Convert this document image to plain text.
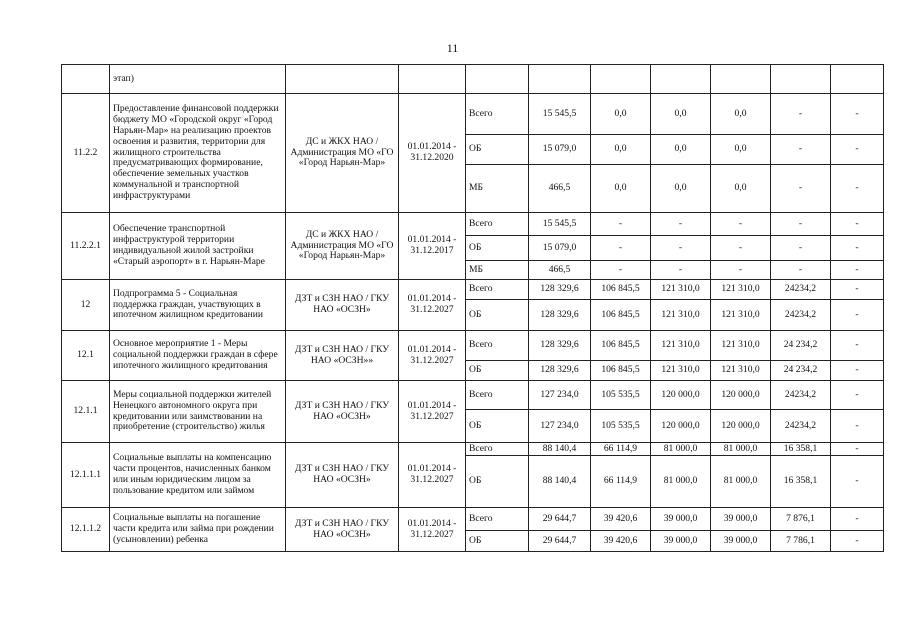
11
	этап)									
11.2.2	Предоставление финансовой поддержки бюджету МО «Городской округ «Город Нарьян-Мар» на реализацию проектов освоения и развития, территории для жилищного строительства предусматривающих формирование, обеспечение земельных участков коммунальной и транспортной инфраструктурами	ДС и ЖКХ НАО / Администрация МО «ГО «Город Нарьян-Мар»	01.01.2014 - 31.12.2020	Всего	15 545,5	0,0	0,0	0,0	-	-
				ОБ	15 079,0	0,0	0,0	0,0	-	-
				МБ	466,5	0,0	0,0	0,0	-	-
11.2.2.1	Обеспечение транспортной инфраструктурой территории индивидуальной жилой застройки «Старый аэропорт» в г. Нарьян-Маре	ДС и ЖКХ НАО / Администрация МО «ГО «Город Нарьян-Мар»	01.01.2014 - 31.12.2017	Всего	15 545,5	-	-	-	-	-
				ОБ	15 079,0	-	-	-	-	-
				МБ	466,5	-	-	-	-	-
12	Подпрограмма 5 - Социальная поддержка граждан, участвующих в ипотечном жилищном кредитовании	ДЗТ и СЗН НАО / ГКУ НАО «ОСЗН»	01.01.2014 - 31.12.2027	Всего	128 329,6	106 845,5	121 310,0	121 310,0	24234,2	-
				ОБ	128 329,6	106 845,5	121 310,0	121 310,0	24234,2	-
12.1	Основное мероприятие 1 - Меры социальной поддержки граждан в сфере ипотечного жилищного кредитования	ДЗТ и СЗН НАО / ГКУ НАО «ОСЗН»»	01.01.2014 - 31.12.2027	Всего	128 329,6	106 845,5	121 310,0	121 310,0	24 234,2	-
				ОБ	128 329,6	106 845,5	121 310,0	121 310,0	24 234,2	-
12.1.1	Меры социальной поддержки жителей Ненецкого автономного округа при кредитовании или заимствовании на приобретение (строительство) жилья	ДЗТ и СЗН НАО / ГКУ НАО «ОСЗН»	01.01.2014 - 31.12.2027	Всего	127 234,0	105 535,5	120 000,0	120 000,0	24234,2	-
				ОБ	127 234,0	105 535,5	120 000,0	120 000,0	24234,2	-
12.1.1.1	Социальные выплаты на компенсацию части процентов, начисленных банком или иным юридическим лицом за пользование кредитом или займом	ДЗТ и СЗН НАО / ГКУ НАО «ОСЗН»	01.01.2014 - 31.12.2027	Всего	88 140,4	66 114,9	81 000,0	81 000,0	16 358,1	-
				ОБ	88 140,4	66 114,9	81 000,0	81 000,0	16 358,1	-
12.1.1.2	Социальные выплаты на погашение части кредита или займа при рождении (усыновлении) ребенка	ДЗТ и СЗН НАО / ГКУ НАО «ОСЗН»	01.01.2014 - 31.12.2027	Всего	29 644,7	39 420,6	39 000,0	39 000,0	7 876,1	-
				ОБ	29 644,7	39 420,6	39 000,0	39 000,0	7 786,1	-
